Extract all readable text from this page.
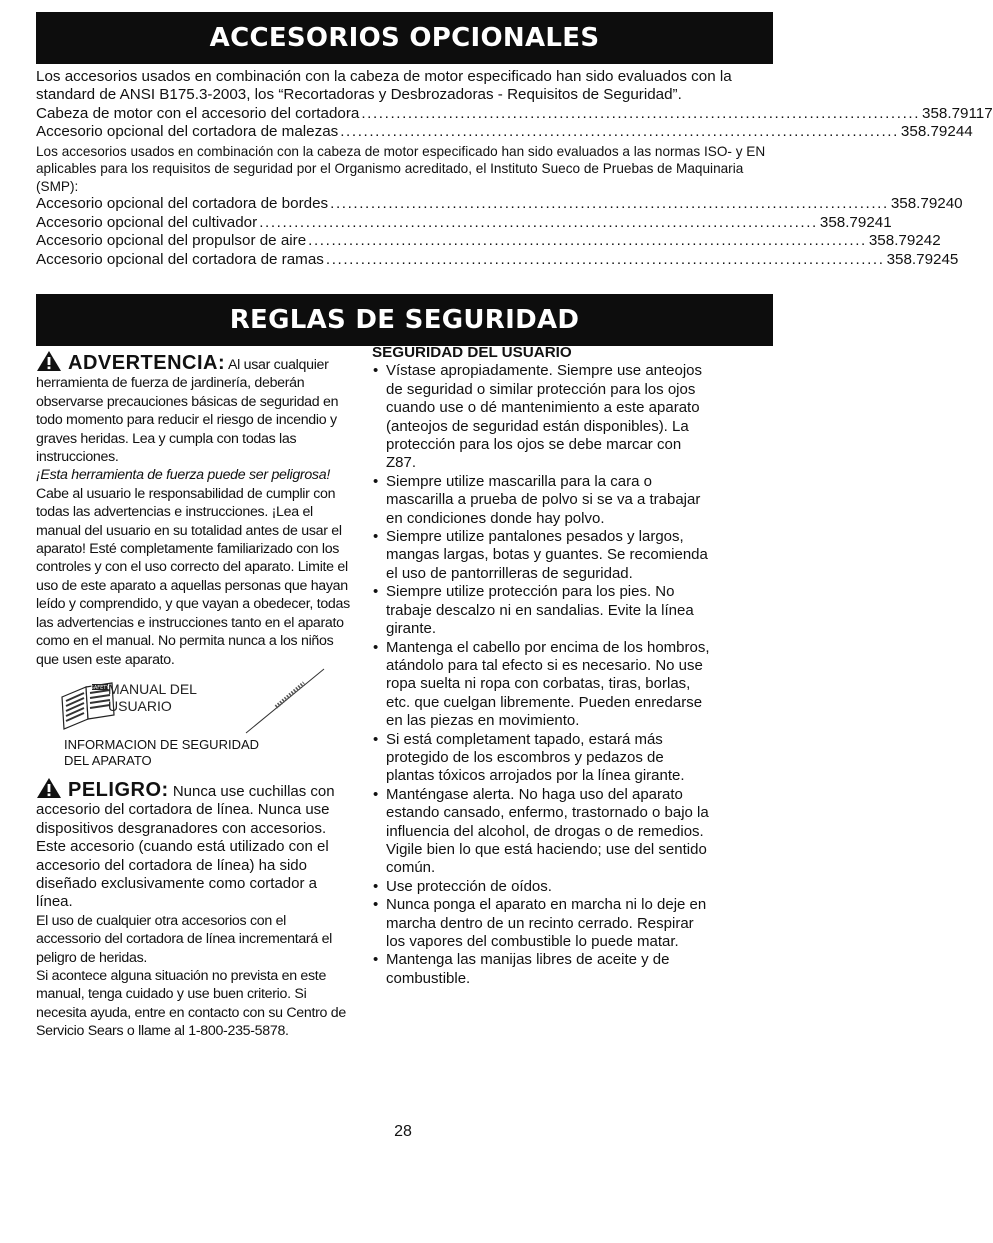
ACCESORIOS OPCIONALES

Los accesorios usados en combinación con la cabeza de motor especificado han sido evaluados con la standard de ANSI B175.3-2003, los “Recortadoras y Desbrozadoras - Requisitos de Seguridad”.

Cabeza de motor con el accesorio del cortadora ................................................................................................ 358.79117
Accesorio opcional del cortadora de malezas ................................................................................................ 358.79244

Los accesorios usados en combinación con la cabeza de motor especificado han sido evaluados a las normas ISO- y EN aplicables para los requisitos de seguridad por el Organismo acreditado, el Instituto Sueco de Pruebas de Maquinaria (SMP):

Accesorio opcional del cortadora de bordes ................................................................................................ 358.79240
Accesorio opcional del cultivador ................................................................................................ 358.79241
Accesorio opcional del propulsor de aire ................................................................................................ 358.79242
Accesorio opcional del cortadora de ramas ................................................................................................ 358.79245
REGLAS DE SEGURIDAD
ADVERTENCIA: Al usar cualquier herramienta de fuerza de jardinería, deberán observarse precauciones básicas de seguridad en todo momento para reducir el riesgo de incendio y graves heridas. Lea y cumpla con todas las instrucciones.

¡Esta herramienta de fuerza puede ser peligrosa! Cabe al usuario le responsabilidad de cumplir con todas las advertencias e instrucciones. ¡Lea el manual del usuario en su totalidad antes de usar el aparato! Esté completamente familiarizado con los controles y con el uso correcto del aparato. Limite el uso de este aparato a aquellas personas que hayan leído y comprendido, y que vayan a obedecer, todas las advertencias e instrucciones tanto en el aparato como en el manual. No permita nunca a los niños que usen este aparato.

SAFETY
MANUAL DEL
USUARIO
INFORMACION DE SEGURIDAD
DEL APARATO
PELIGRO: Nunca use cuchillas con accesorio del cortadora de línea. Nunca use dispositivos desgranadores con accesorios. Este accesorio (cuando está utilizado con el accesorio del cortadora de línea) ha sido diseñado exclusivamente como cortador a línea.

El uso de cualquier otra accesorios con el accessorio del cortadora de línea incrementará el peligro de heridas.

Si acontece alguna situación no prevista en este manual, tenga cuidado y use buen criterio. Si necesita ayuda, entre en contacto con su Centro de Servicio Sears o llame al 1-800-235-5878.

SEGURIDAD DEL USUARIO
• Vístase apropiadamente. Siempre use anteojos de seguridad o similar protección para los ojos cuando use o dé mantenimiento a este aparato (anteojos de seguridad están disponibles). La protección para los ojos se debe marcar con Z87.
• Siempre utilize mascarilla para la cara o mascarilla a prueba de polvo si se va a trabajar en condiciones donde hay polvo.
• Siempre utilize pantalones pesados y largos, mangas largas, botas y guantes. Se recomienda el uso de pantorrilleras de seguridad.
• Siempre utilize protección para los pies. No trabaje descalzo ni en sandalias. Evite la línea girante.
• Mantenga el cabello por encima de los hombros, atándolo para tal efecto si es necesario. No use ropa suelta ni ropa con corbatas, tiras, borlas, etc. que cuelgan libremente. Pueden enredarse en las piezas en movimiento.
• Si está completament tapado, estará más protegido de los escombros y pedazos de plantas tóxicos arrojados por la línea girante.
• Manténgase alerta. No haga uso del aparato estando cansado, enfermo, trastornado o bajo la influencia del alcohol, de drogas o de remedios. Vigile bien lo que está haciendo; use del sentido común.
• Use protección de oídos.
• Nunca ponga el aparato en marcha ni lo deje en marcha dentro de un recinto cerrado. Respirar los vapores del combustible lo puede matar.
• Mantenga las manijas libres de aceite y de combustible.
28
